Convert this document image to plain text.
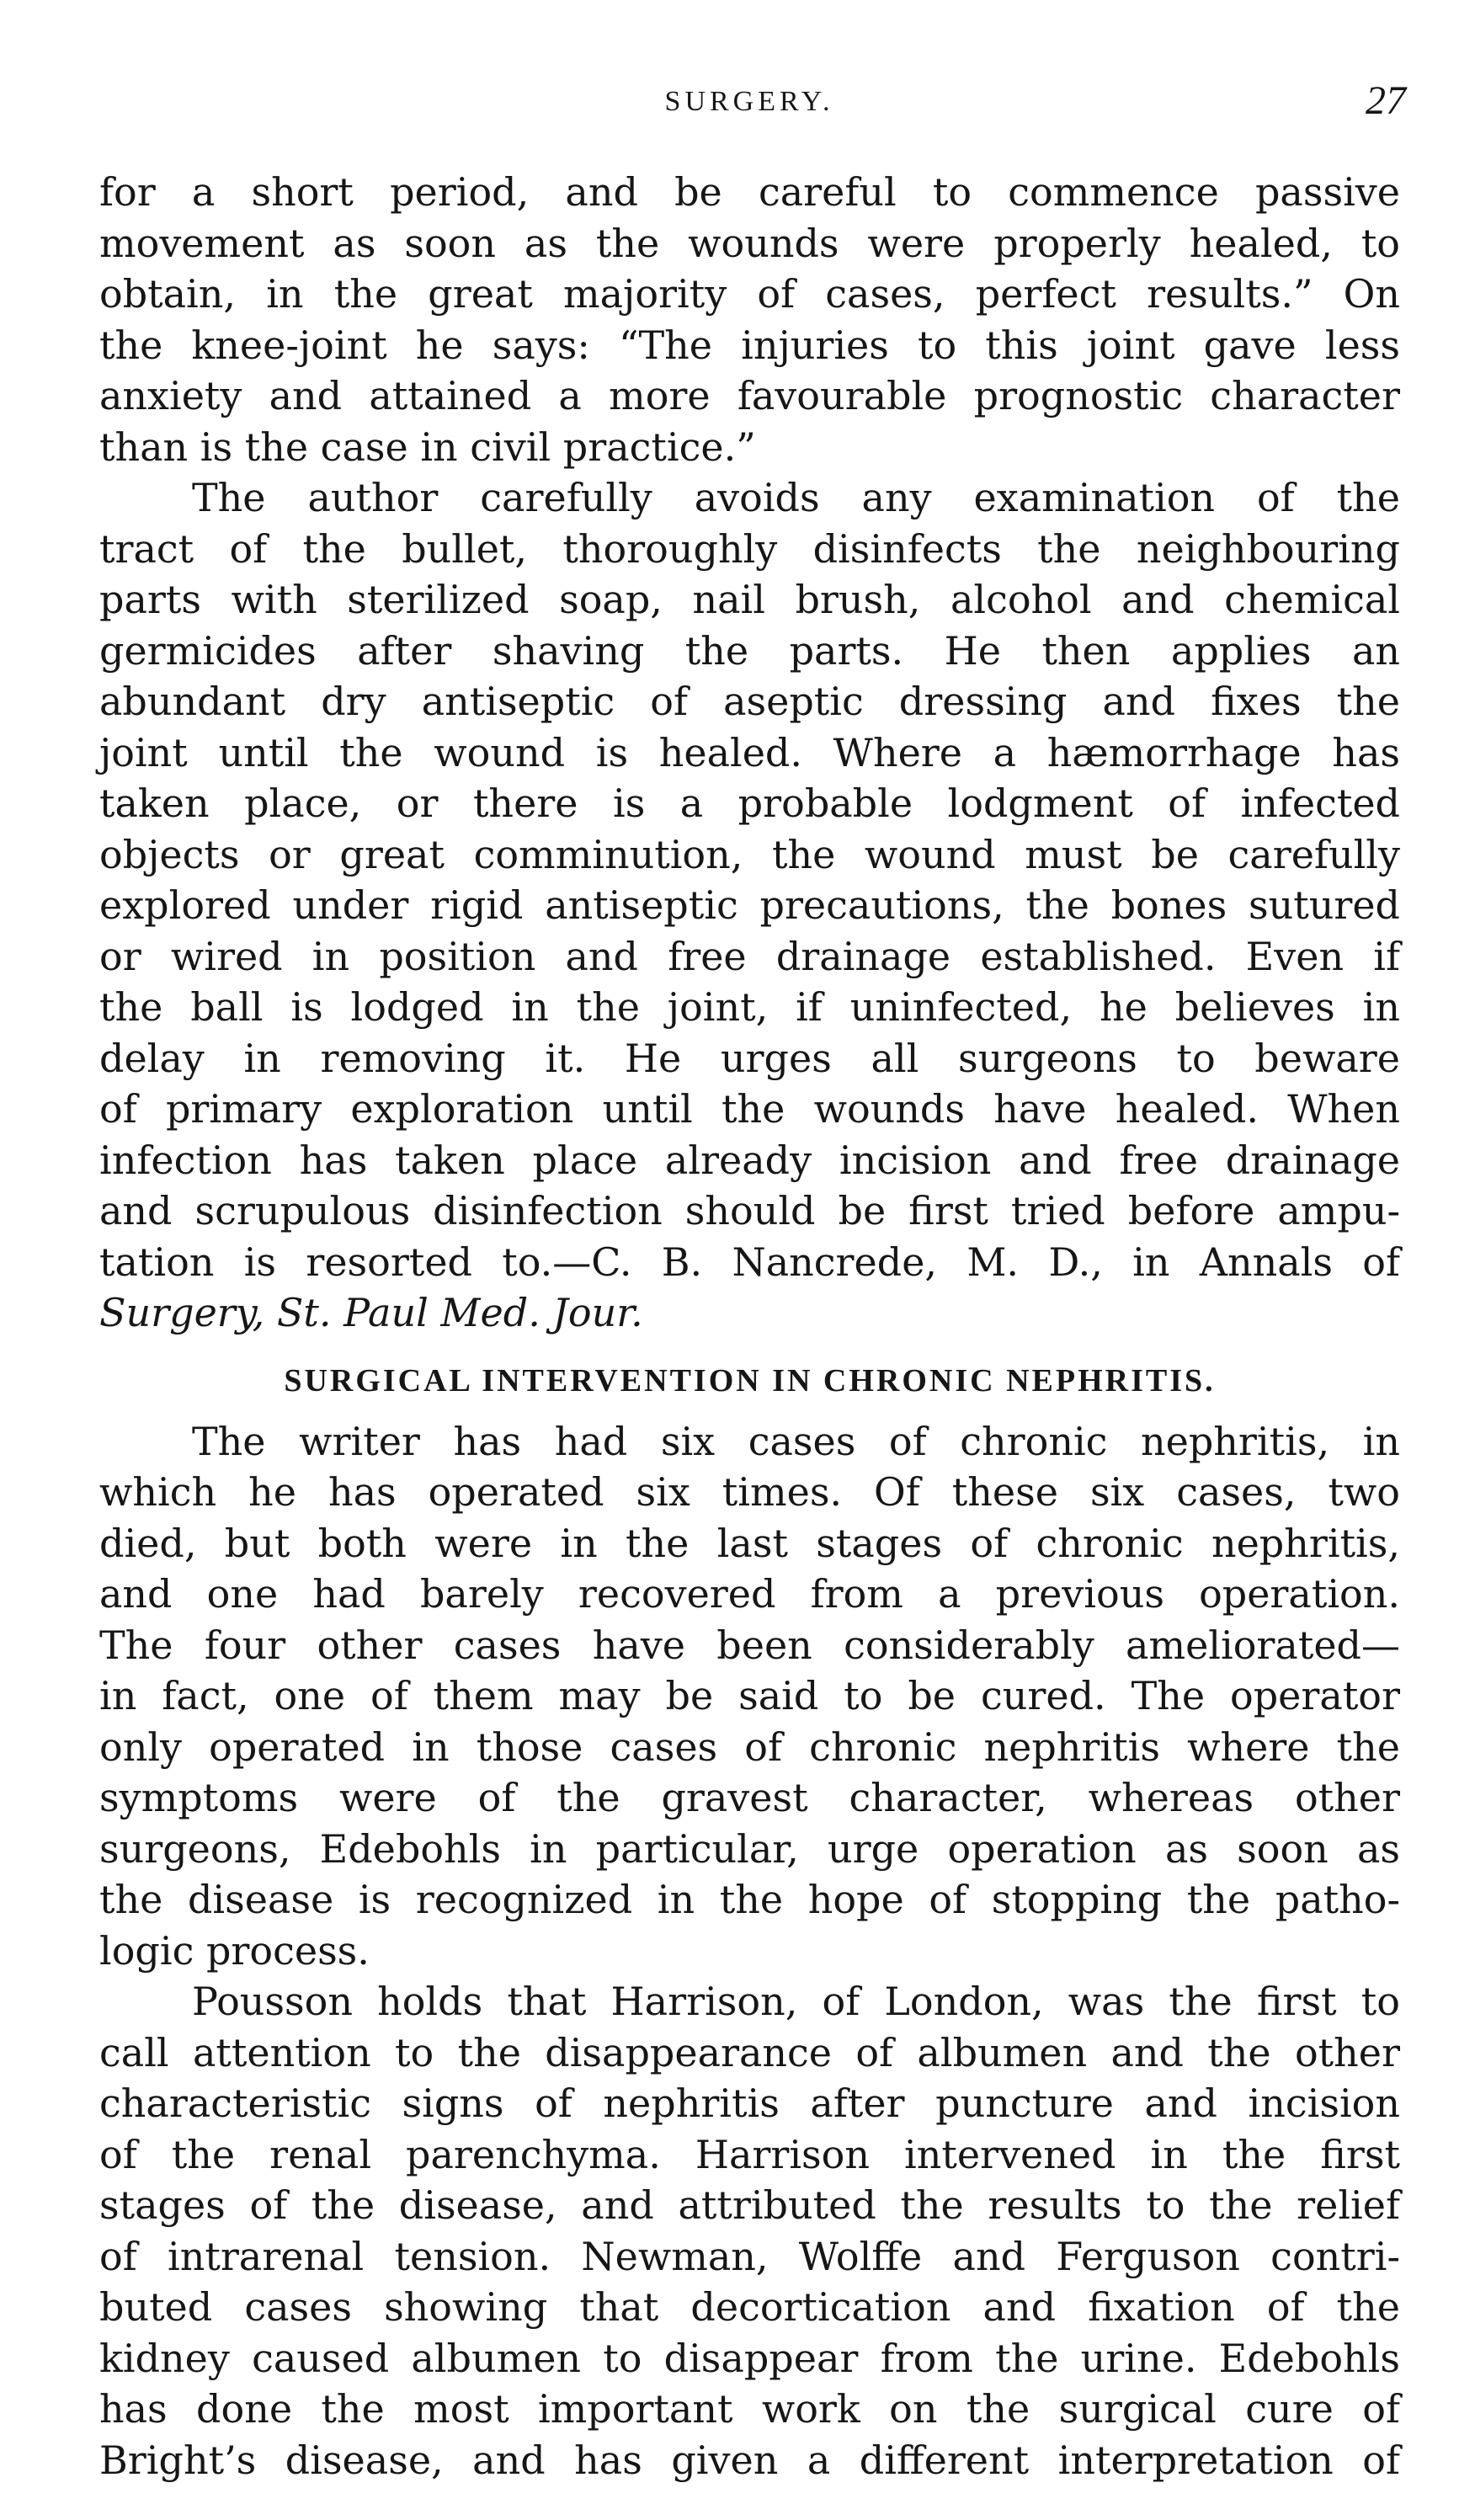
SURGERY.	27
for a short period, and be careful to commence passive
movement as soon as the wounds were properly healed, to
obtain, in the great majority of cases, perfect results.” On
the knee-joint he says: “The injuries to this joint gave less
anxiety and attained a more favourable prognostic character
than is the case in civil practice.”
The author carefully avoids any examination of the
tract of the bullet, thoroughly disinfects the neighbouring
parts with sterilized soap, nail brush, alcohol and chemical
germicides after shaving the parts. He then applies an
abundant dry antiseptic of aseptic dressing and fixes the
joint until the wound is healed. Where a hæmorrhage has
taken place, or there is a probable lodgment of infected
objects or great comminution, the wound must be carefully
explored under rigid antiseptic precautions, the bones sutured
or wired in position and free drainage established. Even if
the ball is lodged in the joint, if uninfected, he believes in
delay in removing it. He urges all surgeons to beware
of primary exploration until the wounds have healed. When
infection has taken place already incision and free drainage
and scrupulous disinfection should be first tried before ampu-
tation is resorted to.—C. B. Nancrede, M. D., in Annals of
Surgery, St. Paul Med. Jour.
SURGICAL INTERVENTION IN CHRONIC NEPHRITIS.
The writer has had six cases of chronic nephritis, in
which he has operated six times. Of these six cases, two
died, but both were in the last stages of chronic nephritis,
and one had barely recovered from a previous operation.
The four other cases have been considerably ameliorated—
in fact, one of them may be said to be cured. The operator
only operated in those cases of chronic nephritis where the
symptoms were of the gravest character, whereas other
surgeons, Edebohls in particular, urge operation as soon as
the disease is recognized in the hope of stopping the patho-
logic process.
Pousson holds that Harrison, of London, was the first to
call attention to the disappearance of albumen and the other
characteristic signs of nephritis after puncture and incision
of the renal parenchyma. Harrison intervened in the first
stages of the disease, and attributed the results to the relief
of intrarenal tension. Newman, Wolffe and Ferguson contri-
buted cases showing that decortication and fixation of the
kidney caused albumen to disappear from the urine. Edebohls
has done the most important work on the surgical cure of
Bright’s disease, and has given a different interpretation of
